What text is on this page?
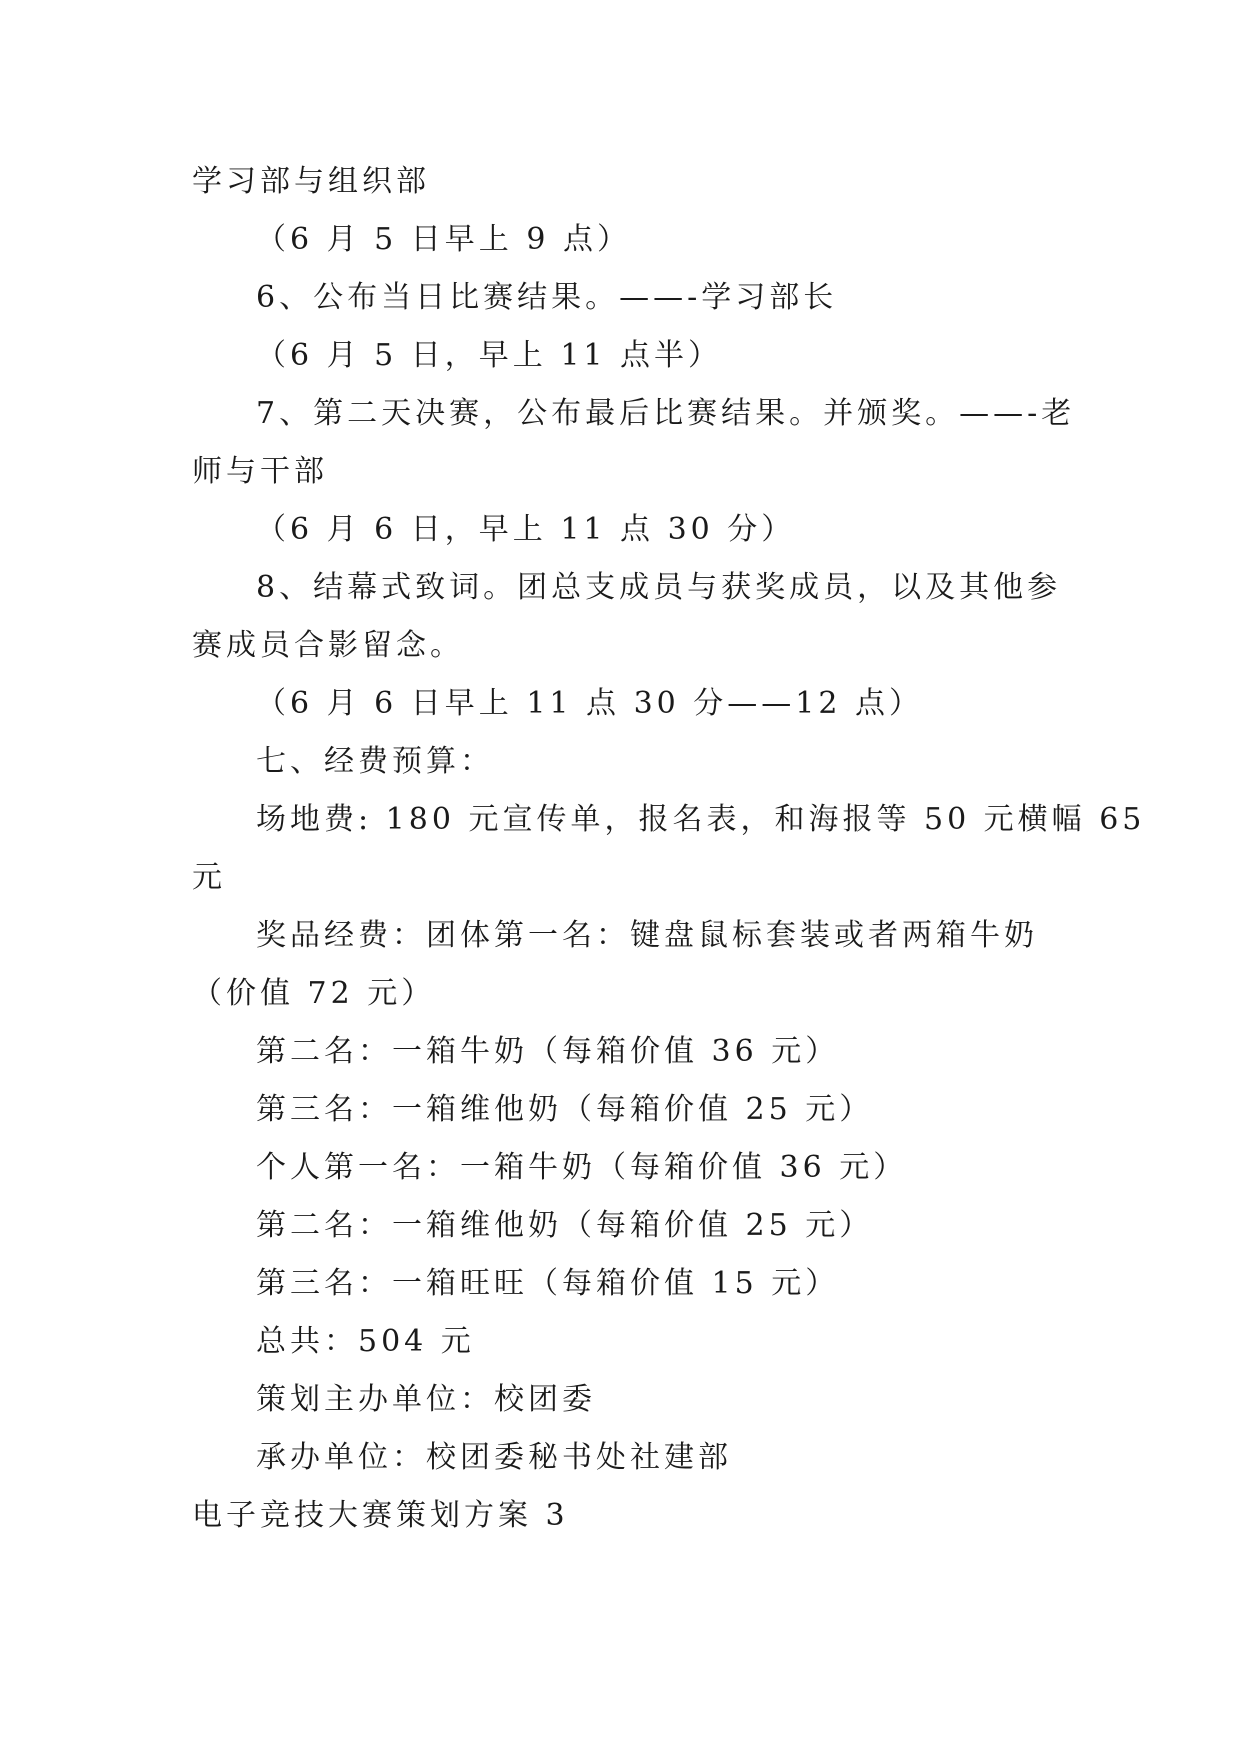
学习部与组织部
（6 月 5 日早上 9 点）
6、公布当日比赛结果。——-学习部长
（6 月 5 日，早上 11 点半）
7、第二天决赛，公布最后比赛结果。并颁奖。——-老
师与干部
（6 月 6 日，早上 11 点 30 分）
8、结幕式致词。团总支成员与获奖成员，以及其他参
赛成员合影留念。
（6 月 6 日早上 11 点 30 分——12 点）
七、经费预算：
场地费: 180 元宣传单，报名表，和海报等 50 元横幅 65
元
奖品经费：团体第一名：键盘鼠标套装或者两箱牛奶
（价值 72 元）
第二名：一箱牛奶（每箱价值 36 元）
第三名：一箱维他奶（每箱价值 25 元）
个人第一名：一箱牛奶（每箱价值 36 元）
第二名：一箱维他奶（每箱价值 25 元）
第三名：一箱旺旺（每箱价值 15 元）
总共：504 元
策划主办单位：校团委
承办单位：校团委秘书处社建部
电子竞技大赛策划方案 3
